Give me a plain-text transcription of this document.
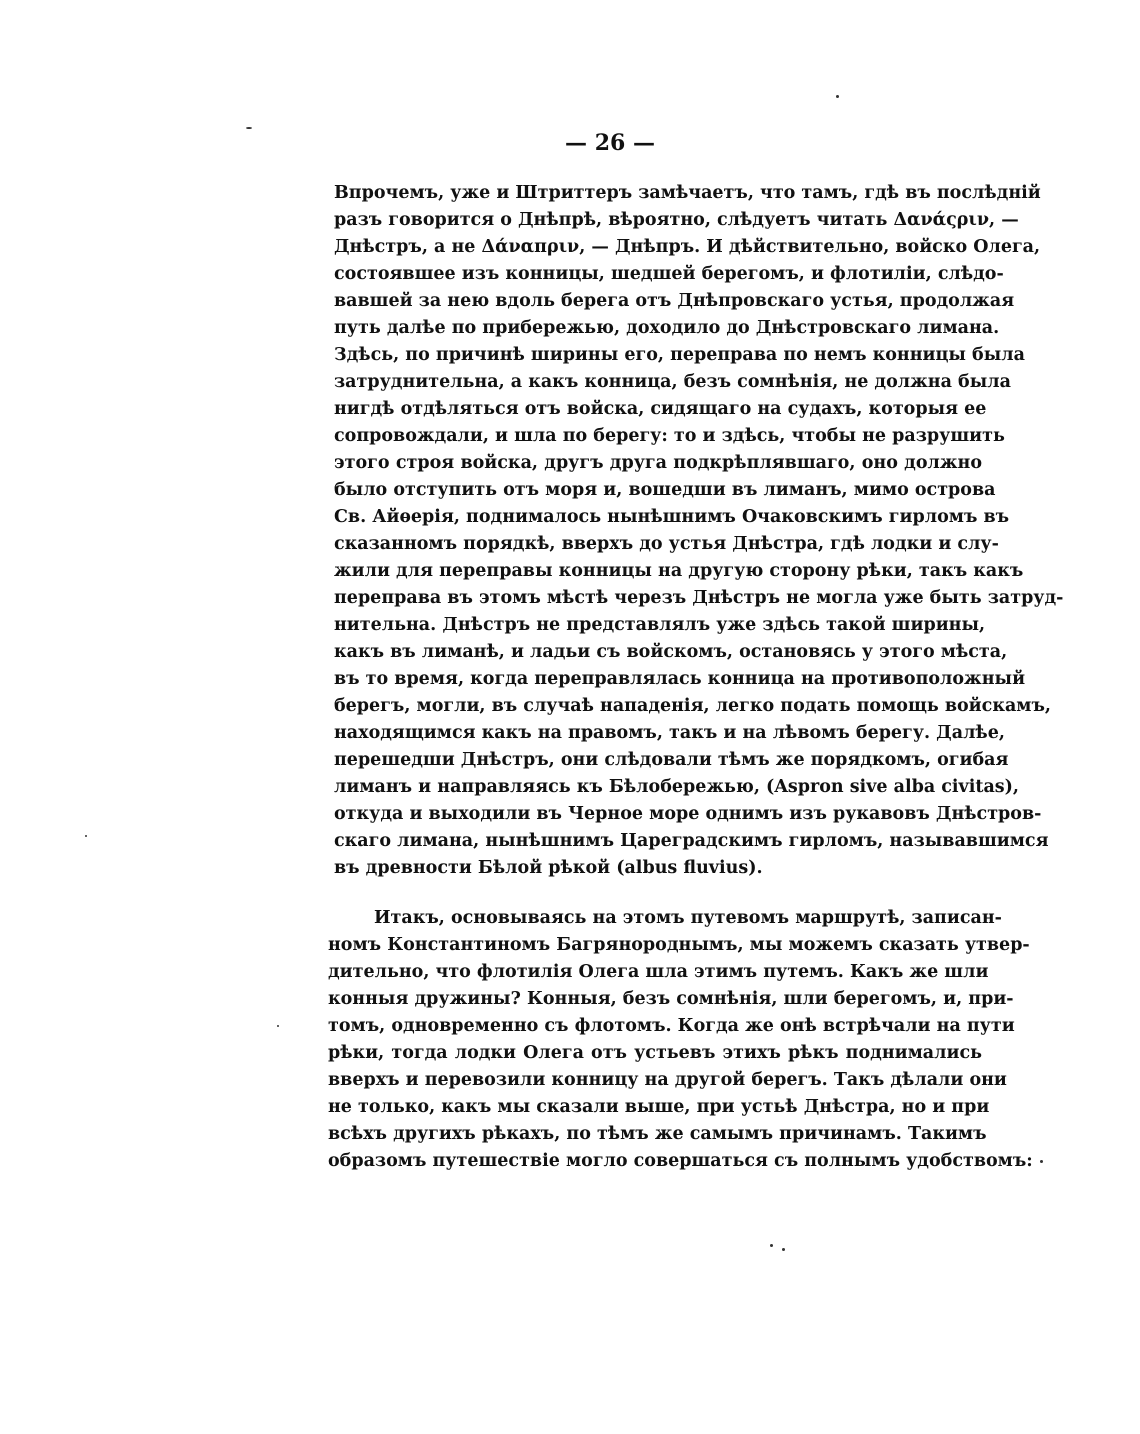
— 26 —
Впрочемъ, уже и Штриттеръ замѣчаетъ, что тамъ, гдѣ въ послѣдній
разъ говорится о Днѣпрѣ, вѣроятно, слѣдуетъ читать Δανάςριν, —
Днѣстръ, а не Δάναπριν, — Днѣпръ. И дѣйствительно, войско Олега,
состоявшее изъ конницы, шедшей берегомъ, и флотиліи, слѣдо-
вавшей за нею вдоль берега отъ Днѣпровскаго устья, продолжая
путь далѣе по прибережью, доходило до Днѣстровскаго лимана.
Здѣсь, по причинѣ ширины его, переправа по немъ конницы была
затруднительна, а какъ конница, безъ сомнѣнія, не должна была
нигдѣ отдѣляться отъ войска, сидящаго на судахъ, которыя ее
сопровождали, и шла по берегу: то и здѣсь, чтобы не разрушить
этого строя войска, другъ друга подкрѣплявшаго, оно должно
было отступить отъ моря и, вошедши въ лиманъ, мимо острова
Св. Айѳерія, поднималось нынѣшнимъ Очаковскимъ гирломъ въ
сказанномъ порядкѣ, вверхъ до устья Днѣстра, гдѣ лодки и слу-
жили для переправы конницы на другую сторону рѣки, такъ какъ
переправа въ этомъ мѣстѣ черезъ Днѣстръ не могла уже быть затруд-
нительна. Днѣстръ не представлялъ уже здѣсь такой ширины,
какъ въ лиманѣ, и ладьи съ войскомъ, остановясь у этого мѣста,
въ то время, когда переправлялась конница на противоположный
берегъ, могли, въ случаѣ нападенія, легко подать помощь войскамъ,
находящимся какъ на правомъ, такъ и на лѣвомъ берегу. Далѣе,
перешедши Днѣстръ, они слѣдовали тѣмъ же порядкомъ, огибая
лиманъ и направляясь къ Бѣлобережью, (Aspron sive alba civitas),
откуда и выходили въ Черное море однимъ изъ рукавовъ Днѣстров-
скаго лимана, нынѣшнимъ Цареградскимъ гирломъ, называвшимся
въ древности Бѣлой рѣкой (albus fluvius).
Итакъ, основываясь на этомъ путевомъ маршрутѣ, записан-
номъ Константиномъ Багрянороднымъ, мы можемъ сказать утвер-
дительно, что флотилія Олега шла этимъ путемъ. Какъ же шли
конныя дружины? Конныя, безъ сомнѣнія, шли берегомъ, и, при-
томъ, одновременно съ флотомъ. Когда же онѣ встрѣчали на пути
рѣки, тогда лодки Олега отъ устьевъ этихъ рѣкъ поднимались
вверхъ и перевозили конницу на другой берегъ. Такъ дѣлали они
не только, какъ мы сказали выше, при устьѣ Днѣстра, но и при
всѣхъ другихъ рѣкахъ, по тѣмъ же самымъ причинамъ. Такимъ
образомъ путешествіе могло совершаться съ полнымъ удобствомъ:
